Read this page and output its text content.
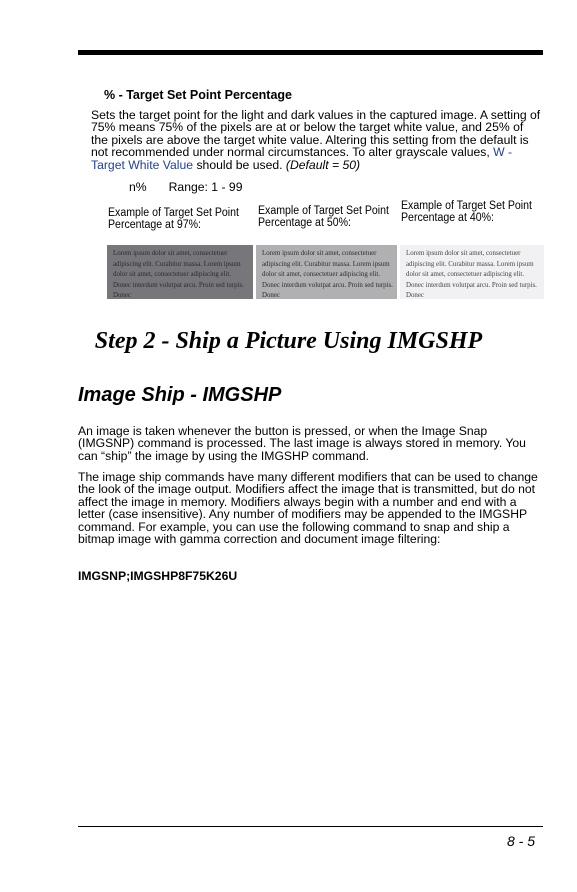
% - Target Set Point Percentage

Sets the target point for the light and dark values in the captured image. A setting of 75% means 75% of the pixels are at or below the target white value, and 25% of the pixels are above the target white value. Altering this setting from the default is not recommended under normal circumstances. To alter grayscale values, W - Target White Value should be used. (Default = 50)

n% Range: 1 - 99
Example of Target Set Point Percentage at 97%:
Example of Target Set Point Percentage at 50%:
Example of Target Set Point Percentage at 40%:
Lorem ipsum dolor sit amet, consectetuer adipiscing elit. Curabitur massa. Lorem ipsum dolor sit amet, consectetuer adipiscing elit. Donec interdum volutpat arcu. Proin sed turpis. Donec
Lorem ipsum dolor sit amet, consectetuer adipiscing elit. Curabitur massa. Lorem ipsum dolor sit amet, consectetuer adipiscing elit. Donec interdum volutpat arcu. Proin sed turpis. Donec
Lorem ipsum dolor sit amet, consectetuer adipiscing elit. Curabitur massa. Lorem ipsum dolor sit amet, consectetuer adipiscing elit. Donec interdum volutpat arcu. Proin sed turpis. Donec
Step 2 - Ship a Picture Using IMGSHP
Image Ship - IMGSHP

An image is taken whenever the button is pressed, or when the Image Snap (IMGSNP) command is processed. The last image is always stored in memory. You can “ship” the image by using the IMGSHP command.

The image ship commands have many different modifiers that can be used to change the look of the image output. Modifiers affect the image that is transmitted, but do not affect the image in memory. Modifiers always begin with a number and end with a letter (case insensitive). Any number of modifiers may be appended to the IMGSHP command. For example, you can use the following command to snap and ship a bitmap image with gamma correction and document image filtering:

IMGSNP;IMGSHP8F75K26U
8 - 5
